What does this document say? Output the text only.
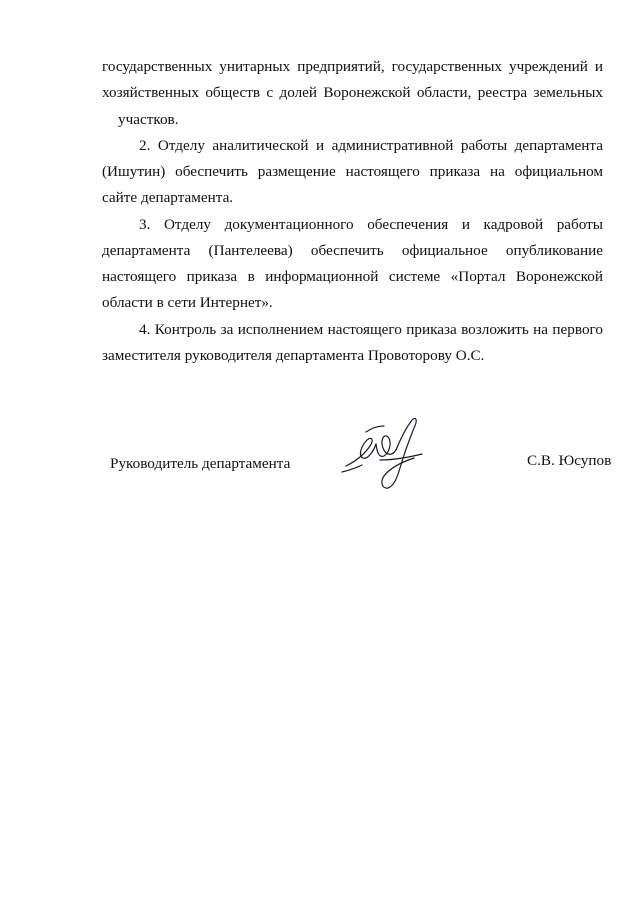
государственных унитарных предприятий, государственных учреждений и
хозяйственных обществ с долей Воронежской области, реестра земельных
участков.
2. Отделу аналитической и административной работы департамента
(Ишутин) обеспечить размещение настоящего приказа на официальном
сайте департамента.
3. Отделу документационного обеспечения и кадровой работы
департамента (Пантелеева) обеспечить официальное опубликование
настоящего приказа в информационной системе «Портал Воронежской
области в сети Интернет».
4. Контроль за исполнением настоящего приказа возложить на первого
заместителя руководителя департамента Провоторову О.С.
Руководитель департамента	С.В. Юсупов
